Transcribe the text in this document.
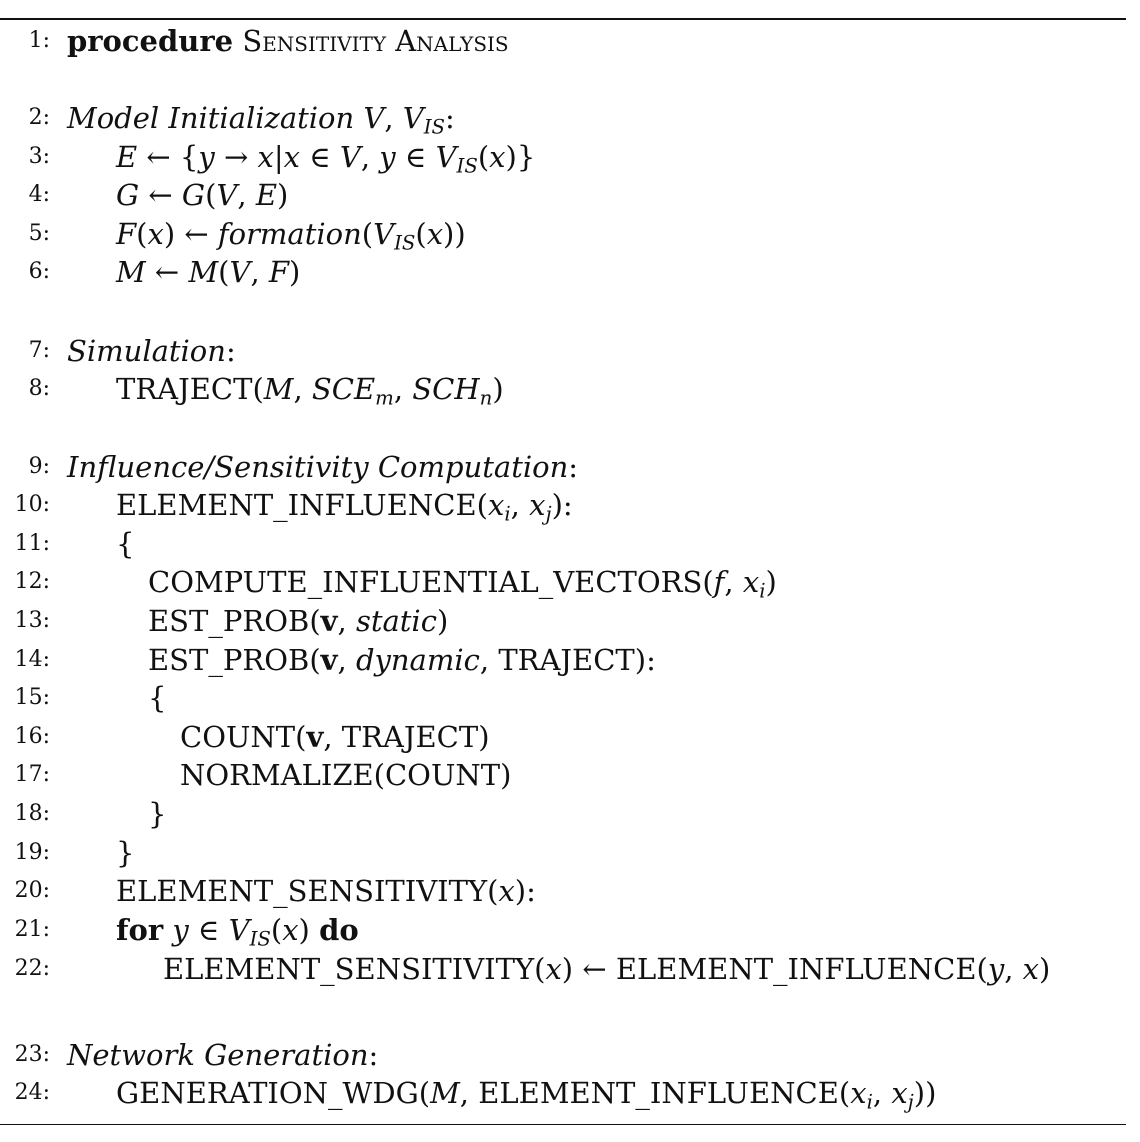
1: procedure Sensitivity Analysis
2: Model Initialization V, $V_{IS}$:
3: E ← {y → x|x ∈ V, y ∈ $V_{IS}(x)$}
4: G ← G(V, E)
5: F(x) ← $formation(V_{IS}(x))$
6: M ← M(V, F)
7: Simulation:
8: TRAJECT(M, $SCE_m$, $SCH_n$)
9: Influence/Sensitivity Computation:
10: $ELEMENT\_INFLUENCE(x_i$, $x_j$):
11: {
12:	COMPUTE_INFLUENTIAL_VECTORS(f, $x_i$)
13:	EST_PROB(v, static)
14:	EST_PROB(v, dynamic, TRAJECT):
15:	{
16:	COUNT(v, TRAJECT)
17:	NORMALIZE(COUNT)
18:	}
19: }
20: ELEMENT_SENSITIVITY(x):
21: for y ∈ $V_{IS}(x)$ do
22:	ELEMENT_SENSITIVITY(x) ← ELEMENT_INFLUENCE(y, x)
23: Network Generation:
24: GENERATION_WDG(M, $ELEMENT\_INFLUENCE(x_i$, $x_j$))
